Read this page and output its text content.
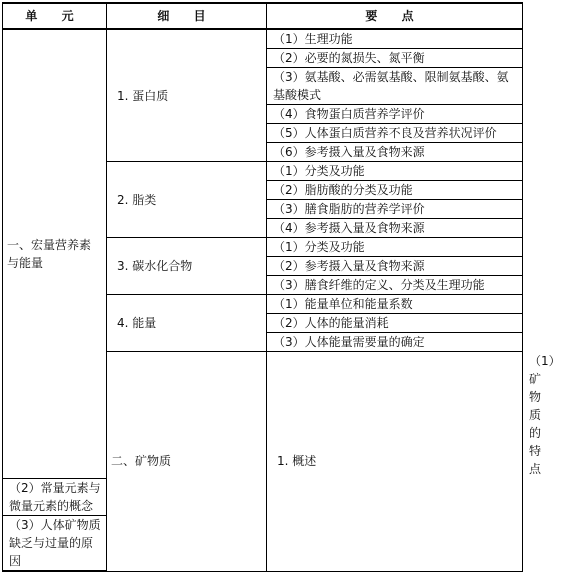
单 元	细 目	要 点	
一、宏量营养素与能量	1. 蛋白质	（1）生理功能	
		（2）必要的氮损失、氮平衡	
		（3）氨基酸、必需氨基酸、限制氨基酸、氨基酸模式	
		（4）食物蛋白质营养学评价	
		（5）人体蛋白质营养不良及营养状况评价	
		（6）参考摄入量及食物来源	
	2. 脂类	（1）分类及功能	
		（2）脂肪酸的分类及功能	
		（3）膳食脂肪的营养学评价	
		（4）参考摄入量及食物来源	
	3. 碳水化合物	（1）分类及功能	
		（2）参考摄入量及食物来源	
		（3）膳食纤维的定义、分类及生理功能	
	4. 能量	（1）能量单位和能量系数	
		（2）人体的能量消耗	
		（3）人体能量需要量的确定	
	二、矿物质	1. 概述	（1）矿物质的特点
（2）常量元素与微量元素的概念			
（3）人体矿物质缺乏与过量的原因			
